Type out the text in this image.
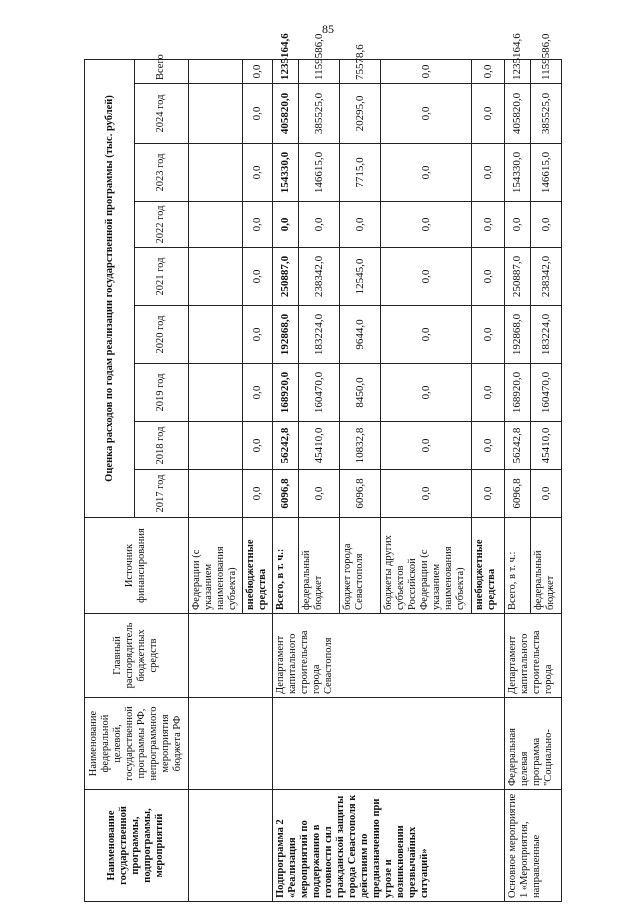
85
Наименование государственной программы, подпрограммы, мероприятий	Наименование федеральной целевой, государственной программы РФ, непрограммного мероприятия бюджета РФ	Главный распорядитель бюджетных средств	Источник финансирования	Оценка расходов по годам реализации государственной программы (тыс. рублей)								
				2017 год	2018 год	2019 год	2020 год	2021 год	2022 год	2023 год	2024 год	Всего
			Федерации (с указанием наименования субъекта)									
			внебюджетные средства	0,0	0,0	0,0	0,0	0,0	0,0	0,0	0,0	0,0
Подпрограмма 2 «Реализация мероприятий по поддержанию в готовности сил гражданской защиты города Севастополя к действиям по предназначению при угрозе и возникновении чрезвычайных ситуаций»		Департамент капитального строительства города Севастополя	Всего, в т. ч.:	6096,8	56242,8	168920,0	192868,0	250887,0	0,0	154330,0	405820,0	1235164,6
			федеральный бюджет	0,0	45410,0	160470,0	183224,0	238342,0	0,0	146615,0	385525,0	1159586,0
			бюджет города Севастополя	6096,8	10832,8	8450,0	9644,0	12545,0	0,0	7715,0	20295,0	75578,6
			бюджеты других субъектов Российской Федерации (с указанием наименования субъекта)	0,0	0,0	0,0	0,0	0,0	0,0	0,0	0,0	0,0
			внебюджетные средства	0,0	0,0	0,0	0,0	0,0	0,0	0,0	0,0	0,0
Основное мероприятие 1 «Мероприятия, направленные	Федеральная целевая программа "Социально-	Департамент капитального строительства города	Всего, в т. ч.:	6096,8	56242,8	168920,0	192868,0	250887,0	0,0	154330,0	405820,0	1235164,6
			федеральный бюджет	0,0	45410,0	160470,0	183224,0	238342,0	0,0	146615,0	385525,0	1159586,0
